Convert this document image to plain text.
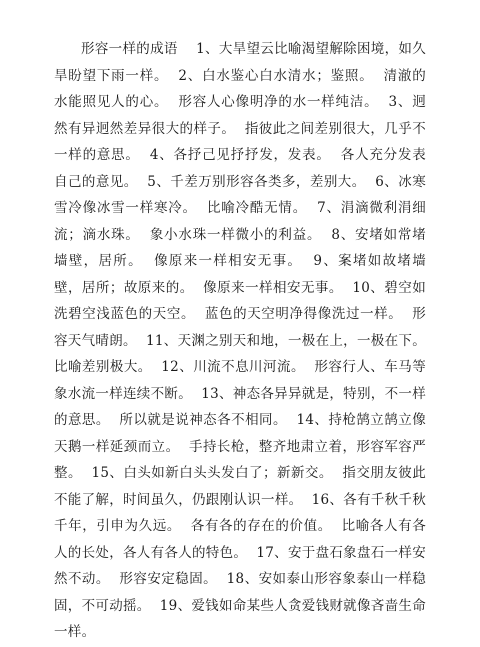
形容一样的成语    1、大旱望云比喻渴望解除困境，如久旱盼望下雨一样。  2、白水鉴心白水清水；鉴照。  清澈的水能照见人的心。  形容人心像明净的水一样纯洁。  3、迥然有异迥然差异很大的样子。  指彼此之间差别很大，几乎不一样的意思。  4、各抒己见抒抒发，发表。  各人充分发表自己的意见。  5、千差万别形容各类多，差别大。  6、冰寒雪冷像冰雪一样寒冷。  比喻冷酷无情。  7、涓滴微利涓细流；滴水珠。  象小水珠一样微小的利益。  8、安堵如常堵墙壁，居所。  像原来一样相安无事。  9、案堵如故堵墙壁，居所；故原来的。  像原来一样相安无事。  10、碧空如洗碧空浅蓝色的天空。  蓝色的天空明净得像洗过一样。  形容天气晴朗。  11、天渊之别天和地，一极在上，一极在下。  比喻差别极大。  12、川流不息川河流。  形容行人、车马等象水流一样连续不断。  13、神态各异异就是，特别，不一样的意思。  所以就是说神态各不相同。  14、持枪鹄立鹄立像天鹅一样延颈而立。  手持长枪，整齐地肃立着，形容军容严整。  15、白头如新白头头发白了；新新交。  指交朋友彼此不能了解，时间虽久，仍跟刚认识一样。  16、各有千秋千秋千年，引申为久远。  各有各的存在的价值。  比喻各人有各人的长处，各人有各人的特色。  17、安于盘石象盘石一样安然不动。  形容安定稳固。  18、安如泰山形容象泰山一样稳固，不可动摇。  19、爱钱如命某些人贪爱钱财就像吝啬生命一样。
